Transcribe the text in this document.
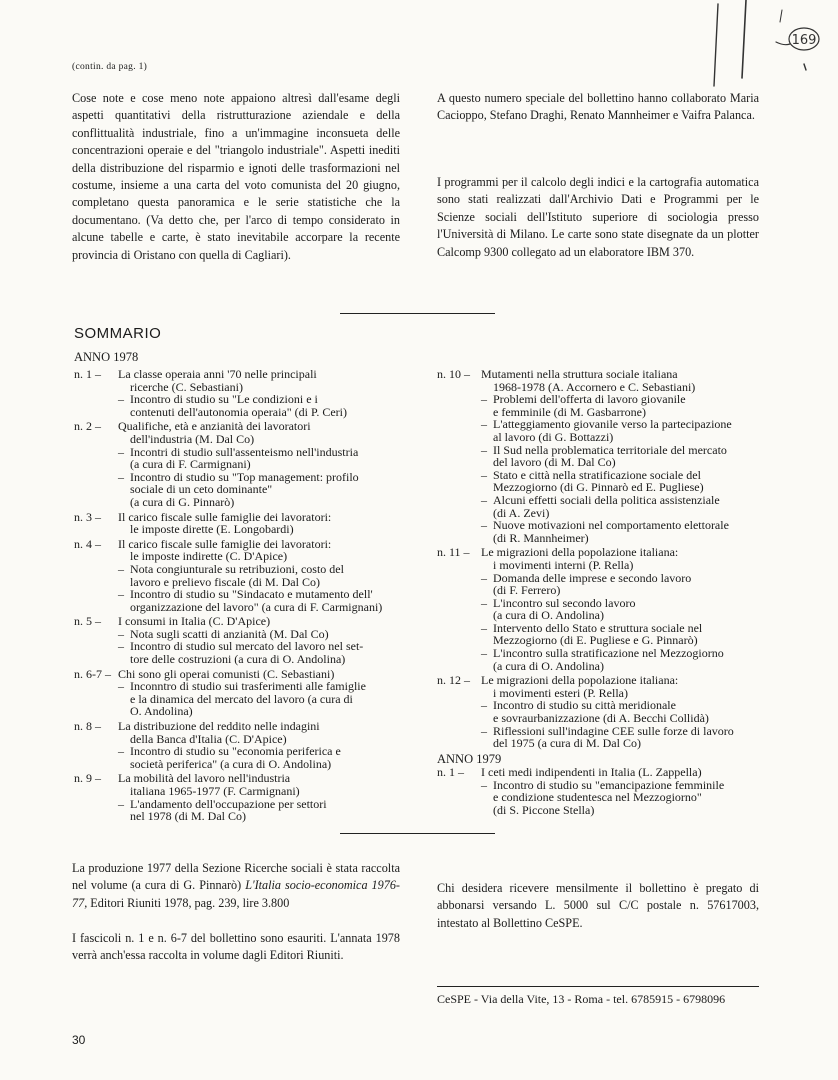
(contin. da pag. 1)

Cose note e cose meno note appaiono altresì dall'esame degli aspetti quantitativi della ristrutturazione aziendale e della conflittualità industriale, fino a un'immagine inconsueta delle concentrazioni operaie e del "triangolo industriale". Aspetti inediti della distribuzione del risparmio e ignoti delle trasformazioni nel costume, insieme a una carta del voto comunista del 20 giugno, completano questa panoramica e le serie statistiche che la documentano. (Va detto che, per l'arco di tempo considerato in alcune tabelle e carte, è stato inevitabile accorpare la recente provincia di Oristano con quella di Cagliari).

A questo numero speciale del bollettino hanno collaborato Maria Cacioppo, Stefano Draghi, Renato Mannheimer e Vaifra Palanca.

I programmi per il calcolo degli indici e la cartografia automatica sono stati realizzati dall'Archivio Dati e Programmi per le Scienze sociali dell'Istituto superiore di sociologia presso l'Università di Milano. Le carte sono state disegnate da un plotter Calcomp 9300 collegato ad un elaboratore IBM 370.

SOMMARIO
ANNO 1978
n. 1 –	La classe operaia anni '70 nelle principali
ricerche (C. Sebastiani)
– Incontro di studio su "Le condizioni e i
contenuti dell'autonomia operaia" (di P. Ceri)
n. 2 –	Qualifiche, età e anzianità dei lavoratori
dell'industria (M. Dal Co)
– Incontri di studio sull'assenteismo nell'industria
(a cura di F. Carmignani)
– Incontro di studio su "Top management: profilo
sociale di un ceto dominante"
(a cura di G. Pinnarò)
n. 3 –	Il carico fiscale sulle famiglie dei lavoratori:
le imposte dirette (E. Longobardi)
n. 4 –	Il carico fiscale sulle famiglie dei lavoratori:
le imposte indirette (C. D'Apice)
– Nota congiunturale su retribuzioni, costo del
lavoro e prelievo fiscale (di M. Dal Co)
– Incontro di studio su "Sindacato e mutamento dell'
organizzazione del lavoro" (a cura di F. Carmignani)
n. 5 –	I consumi in Italia (C. D'Apice)
– Nota sugli scatti di anzianità (M. Dal Co)
– Incontro di studio sul mercato del lavoro nel set-
tore delle costruzioni (a cura di O. Andolina)
n. 6-7 – Chi sono gli operai comunisti (C. Sebastiani)
– Inconntro di studio sui trasferimenti alle famiglie
e la dinamica del mercato del lavoro (a cura di
O. Andolina)
n. 8 –	La distribuzione del reddito nelle indagini
della Banca d'Italia (C. D'Apice)
– Incontro di studio su "economia periferica e
società periferica" (a cura di O. Andolina)
n. 9 –	La mobilità del lavoro nell'industria
italiana 1965-1977 (F. Carmignani)
– L'andamento dell'occupazione per settori
nel 1978 (di M. Dal Co)
n. 10 – Mutamenti nella struttura sociale italiana
1968-1978 (A. Accornero e C. Sebastiani)
– Problemi dell'offerta di lavoro giovanile
e femminile (di M. Gasbarrone)
– L'atteggiamento giovanile verso la partecipazione
al lavoro (di G. Bottazzi)
– Il Sud nella problematica territoriale del mercato
del lavoro (di M. Dal Co)
– Stato e città nella stratificazione sociale del
Mezzogiorno (di G. Pinnarò ed E. Pugliese)
– Alcuni effetti sociali della politica assistenziale
(di A. Zevi)
– Nuove motivazioni nel comportamento elettorale
(di R. Mannheimer)
n. 11 – Le migrazioni della popolazione italiana:
i movimenti interni (P. Rella)
– Domanda delle imprese e secondo lavoro
(di F. Ferrero)
– L'incontro sul secondo lavoro
(a cura di O. Andolina)
– Intervento dello Stato e struttura sociale nel
Mezzogiorno (di E. Pugliese e G. Pinnarò)
– L'incontro sulla stratificazione nel Mezzogiorno
(a cura di O. Andolina)
n. 12 – Le migrazioni della popolazione italiana:
i movimenti esteri (P. Rella)
– Incontro di studio su città meridionale
e sovraurbanizzazione (di A. Becchi Collidà)
– Riflessioni sull'indagine CEE sulle forze di lavoro
del 1975 (a cura di M. Dal Co)
ANNO 1979
n. 1 –	I ceti medi indipendenti in Italia (L. Zappella)
– Incontro di studio su "emancipazione femminile
e condizione studentesca nel Mezzogiorno"
(di S. Piccone Stella)

La produzione 1977 della Sezione Ricerche sociali è stata raccolta nel volume (a cura di G. Pinnarò) L'Italia socio-economica 1976-77, Editori Riuniti 1978, pag. 239, lire 3.800

I fascicoli n. 1 e n. 6-7 del bollettino sono esauriti. L'annata 1978 verrà anch'essa raccolta in volume dagli Editori Riuniti.

Chi desidera ricevere mensilmente il bollettino è pregato di abbonarsi versando L. 5000 sul C/C postale n. 57617003, intestato al Bollettino CeSPE.

CeSPE - Via della Vite, 13 - Roma - tel. 6785915 - 6798096
30
169
